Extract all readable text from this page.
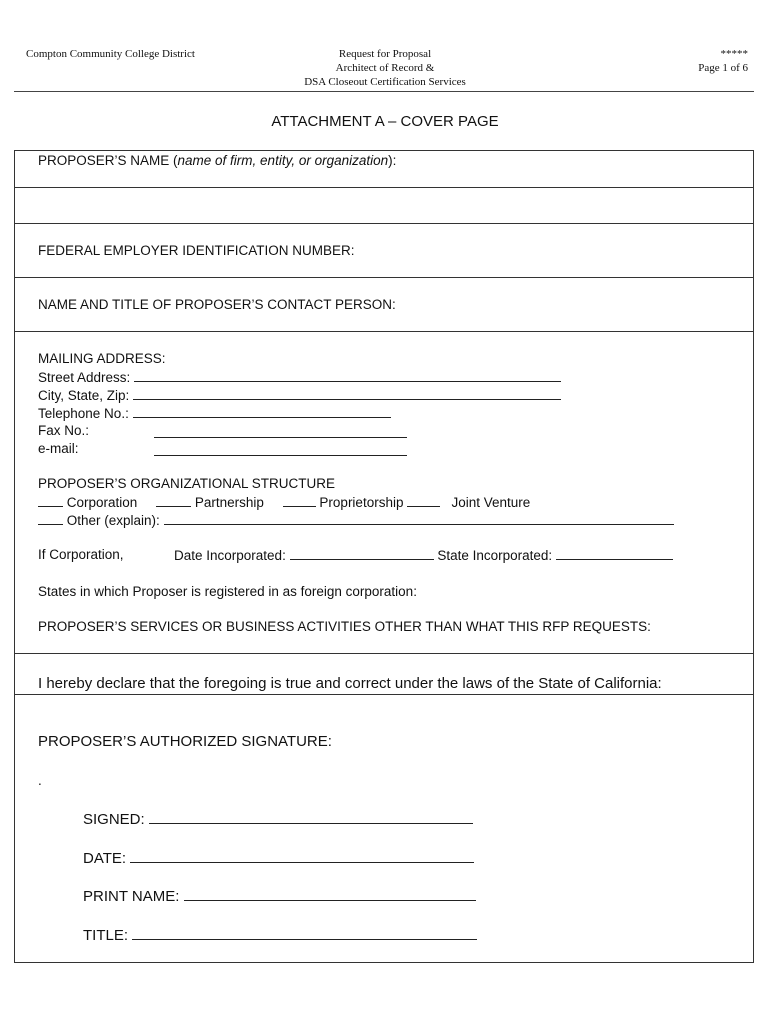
Compton Community College District	Request for Proposal
Architect of Record &
DSA Closeout Certification Services
*****
Page 1 of 6
ATTACHMENT A – COVER PAGE
PROPOSER’S NAME (name of firm, entity, or organization):
FEDERAL EMPLOYER IDENTIFICATION NUMBER:
NAME AND TITLE OF PROPOSER’S CONTACT PERSON:
MAILING ADDRESS:
Street Address:
City, State, Zip:
Telephone No.:
Fax No.:
e-mail:
PROPOSER’S ORGANIZATIONAL STRUCTURE
Corporation	Partnership	Proprietorship	Joint Venture
Other (explain):
If Corporation,	Date Incorporated:	State Incorporated:
States in which Proposer is registered in as foreign corporation:
PROPOSER’S SERVICES OR BUSINESS ACTIVITIES OTHER THAN WHAT THIS RFP REQUESTS:
I hereby declare that the foregoing is true and correct under the laws of the State of California:
PROPOSER’S AUTHORIZED SIGNATURE:
.
SIGNED:
DATE:
PRINT NAME:
TITLE:
